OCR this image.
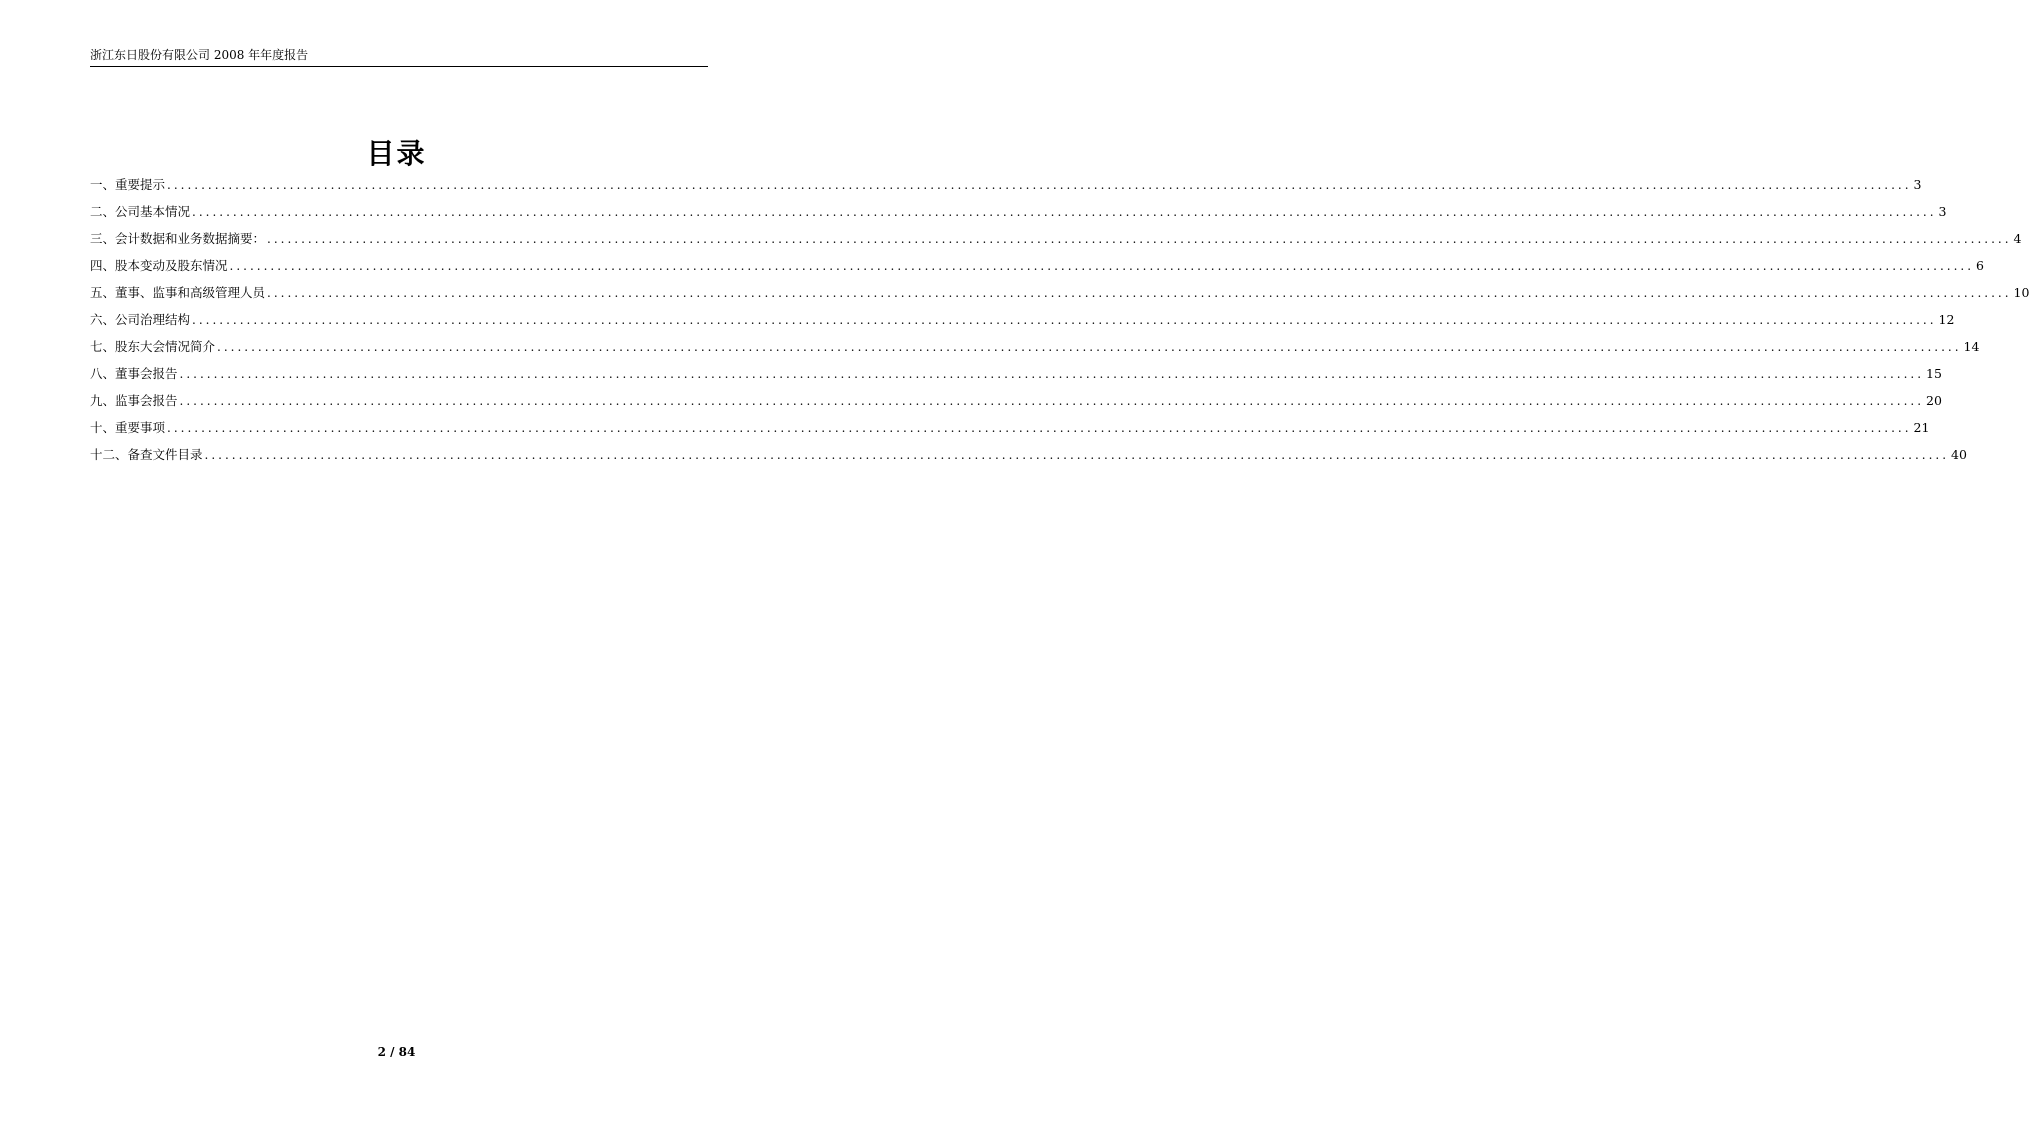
浙江东日股份有限公司 2008 年年度报告
目录
一、重要提示 ................................................................................................................................................................................................................................................................ 3
二、公司基本情况 ................................................................................................................................................................................................................................................................ 3
三、会计数据和业务数据摘要： ................................................................................................................................................................................................................................................................ 4
四、股本变动及股东情况 ................................................................................................................................................................................................................................................................ 6
五、董事、监事和高级管理人员 ................................................................................................................................................................................................................................................................ 10
六、公司治理结构 ................................................................................................................................................................................................................................................................ 12
七、股东大会情况简介 ................................................................................................................................................................................................................................................................ 14
八、董事会报告 ................................................................................................................................................................................................................................................................ 15
九、监事会报告 ................................................................................................................................................................................................................................................................ 20
十、重要事项 ................................................................................................................................................................................................................................................................ 21
十二、备查文件目录 ................................................................................................................................................................................................................................................................ 40
2 / 84
